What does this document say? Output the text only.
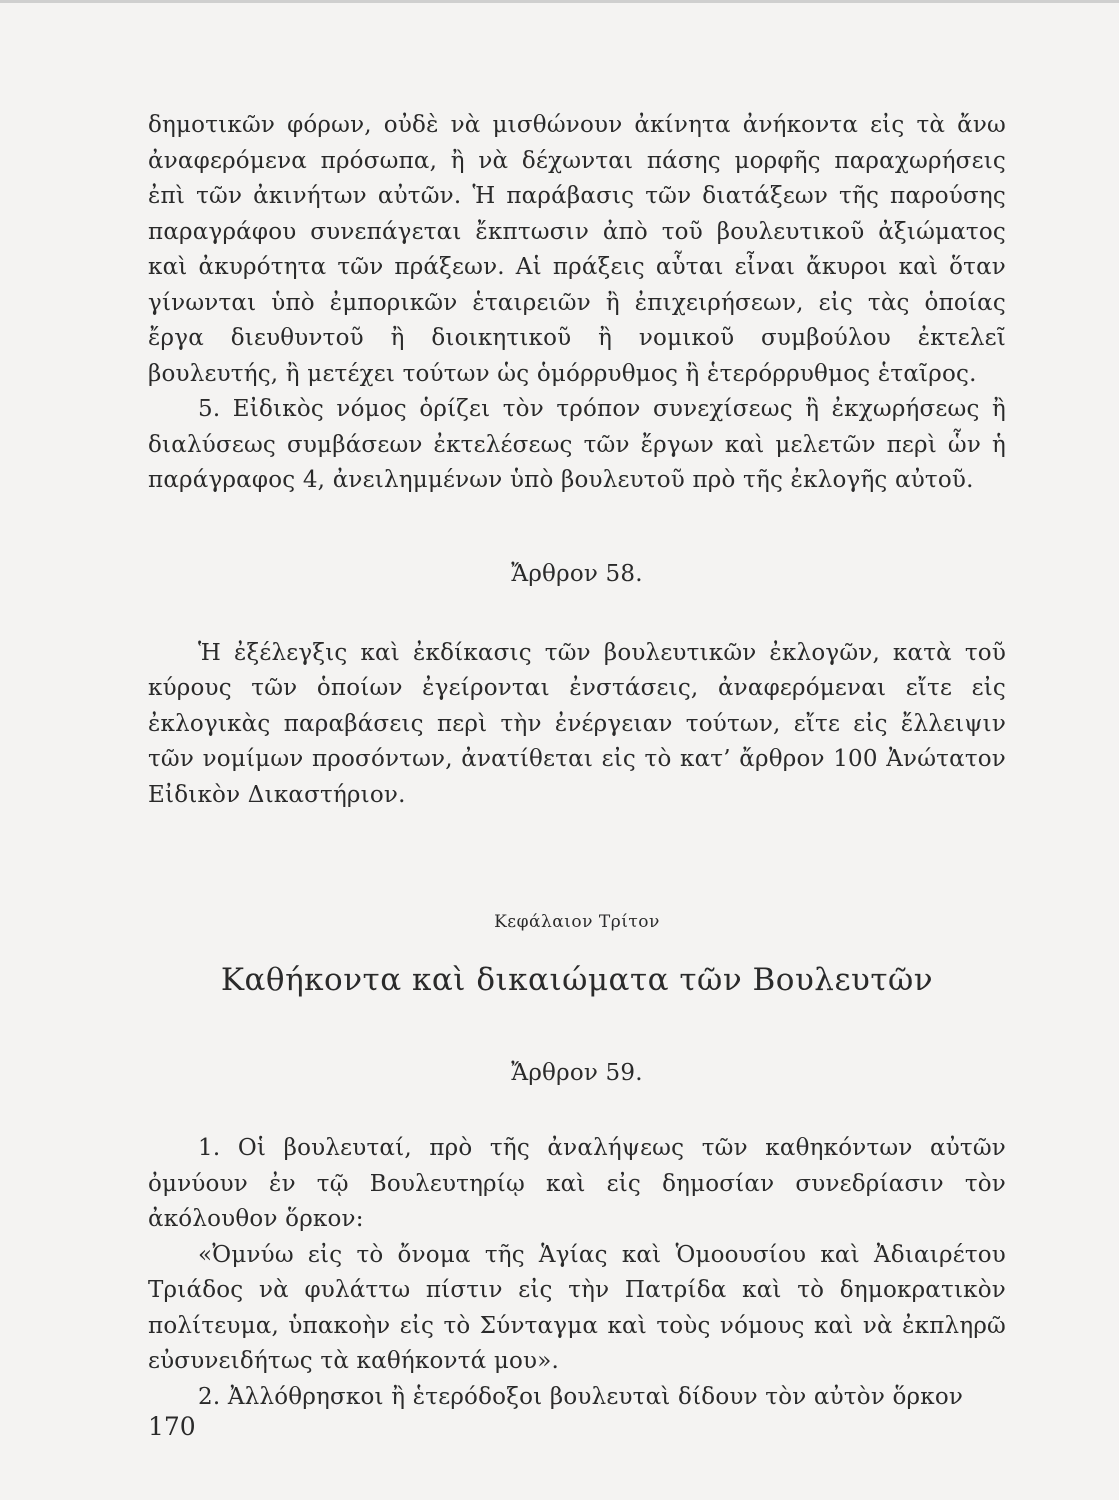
δημοτικῶν φόρων, οὐδὲ νὰ μισθώνουν ἀκίνητα ἀνήκοντα εἰς τὰ ἄνω ἀναφερόμενα πρόσωπα, ἢ νὰ δέχωνται πάσης μορφῆς παραχωρήσεις ἐπὶ τῶν ἀκινήτων αὐτῶν. Ἡ παράβασις τῶν διατάξεων τῆς παρούσης παραγράφου συνεπάγεται ἔκπτωσιν ἀπὸ τοῦ βουλευτικοῦ ἀξιώματος καὶ ἀκυρότητα τῶν πράξεων. Αἱ πράξεις αὗται εἶναι ἄκυροι καὶ ὅταν γίνωνται ὑπὸ ἐμπορικῶν ἑταιρειῶν ἢ ἐπιχειρήσεων, εἰς τὰς ὁποίας ἔργα διευθυντοῦ ἢ διοικητικοῦ ἢ νομικοῦ συμβούλου ἐκτελεῖ βουλευτής, ἢ μετέχει τούτων ὡς ὁμόρρυθμος ἢ ἑτερόρρυθμος ἑταῖρος.

5. Εἰδικὸς νόμος ὁρίζει τὸν τρόπον συνεχίσεως ἢ ἐκχωρήσεως ἢ διαλύσεως συμβάσεων ἐκτελέσεως τῶν ἔργων καὶ μελετῶν περὶ ὧν ἡ παράγραφος 4, ἀνειλημμένων ὑπὸ βουλευτοῦ πρὸ τῆς ἐκλογῆς αὐτοῦ.

Ἄρθρον 58.

Ἡ ἐξέλεγξις καὶ ἐκδίκασις τῶν βουλευτικῶν ἐκλογῶν, κατὰ τοῦ κύρους τῶν ὁποίων ἐγείρονται ἐνστάσεις, ἀναφερόμεναι εἴτε εἰς ἐκλογικὰς παραβάσεις περὶ τὴν ἐνέργειαν τούτων, εἴτε εἰς ἔλλειψιν τῶν νομίμων προσόντων, ἀνατίθεται εἰς τὸ κατ’ ἄρθρον 100 Ἀνώτατον Εἰδικὸν Δικαστήριον.

Κεφάλαιον Τρίτον

Καθήκοντα καὶ δικαιώματα τῶν Βουλευτῶν

Ἄρθρον 59.

1. Οἱ βουλευταί, πρὸ τῆς ἀναλήψεως τῶν καθηκόντων αὐτῶν ὀμνύουν ἐν τῷ Βουλευτηρίῳ καὶ εἰς δημοσίαν συνεδρίασιν τὸν ἀκόλουθον ὅρκον:

«Ὀμνύω εἰς τὸ ὄνομα τῆς Ἁγίας καὶ Ὁμοουσίου καὶ Ἀδιαιρέτου Τριάδος νὰ φυλάττω πίστιν εἰς τὴν Πατρίδα καὶ τὸ δημοκρατικὸν πολίτευμα, ὑπακοὴν εἰς τὸ Σύνταγμα καὶ τοὺς νόμους καὶ νὰ ἐκπληρῶ εὐσυνειδήτως τὰ καθήκοντά μου».

2. Ἀλλόθρησκοι ἢ ἑτερόδοξοι βουλευταὶ δίδουν τὸν αὐτὸν ὅρκον

170
